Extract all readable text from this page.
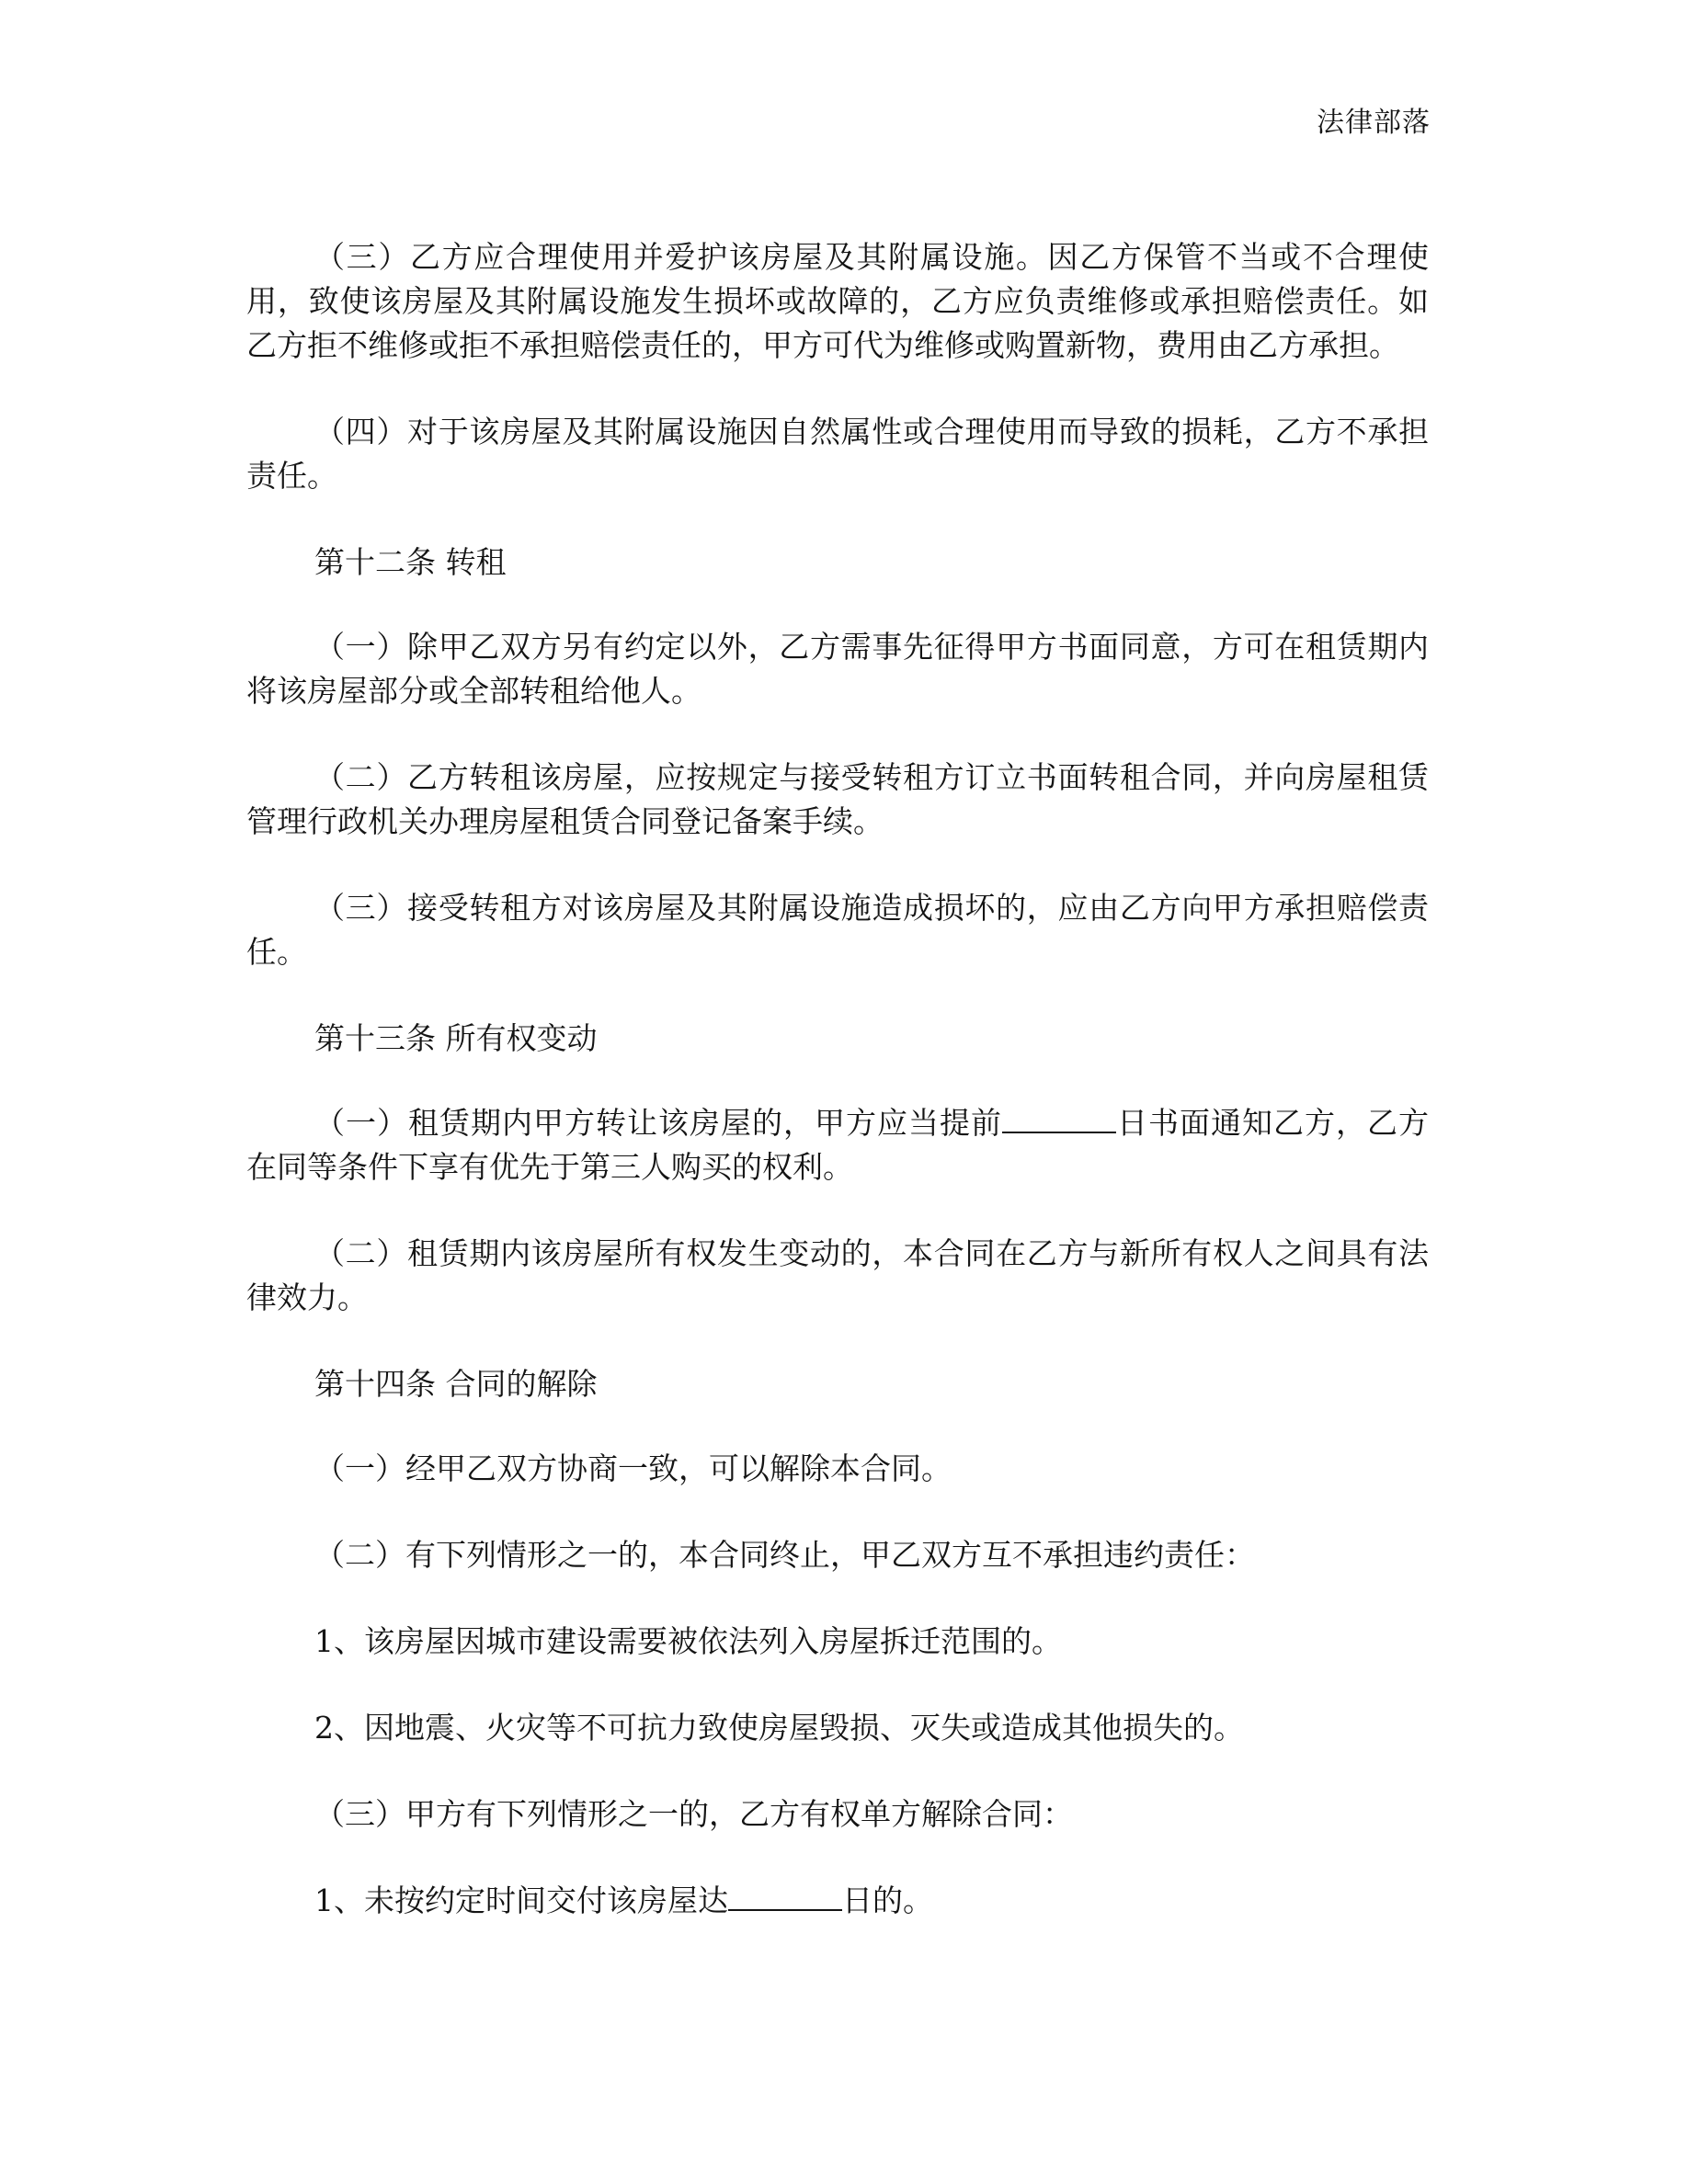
法律部落

（三）乙方应合理使用并爱护该房屋及其附属设施。因乙方保管不当或不合理使用，致使该房屋及其附属设施发生损坏或故障的，乙方应负责维修或承担赔偿责任。如乙方拒不维修或拒不承担赔偿责任的，甲方可代为维修或购置新物，费用由乙方承担。

（四）对于该房屋及其附属设施因自然属性或合理使用而导致的损耗，乙方不承担责任。

第十二条 转租

（一）除甲乙双方另有约定以外，乙方需事先征得甲方书面同意，方可在租赁期内将该房屋部分或全部转租给他人。

（二）乙方转租该房屋，应按规定与接受转租方订立书面转租合同，并向房屋租赁管理行政机关办理房屋租赁合同登记备案手续。

（三）接受转租方对该房屋及其附属设施造成损坏的，应由乙方向甲方承担赔偿责任。

第十三条 所有权变动

（一）租赁期内甲方转让该房屋的，甲方应当提前	日书面通知乙方，乙方在同等条件下享有优先于第三人购买的权利。

（二）租赁期内该房屋所有权发生变动的，本合同在乙方与新所有权人之间具有法律效力。

第十四条 合同的解除

（一）经甲乙双方协商一致，可以解除本合同。

（二）有下列情形之一的，本合同终止，甲乙双方互不承担违约责任：

1、该房屋因城市建设需要被依法列入房屋拆迁范围的。

2、因地震、火灾等不可抗力致使房屋毁损、灭失或造成其他损失的。

（三）甲方有下列情形之一的，乙方有权单方解除合同：

1、未按约定时间交付该房屋达	日的。
